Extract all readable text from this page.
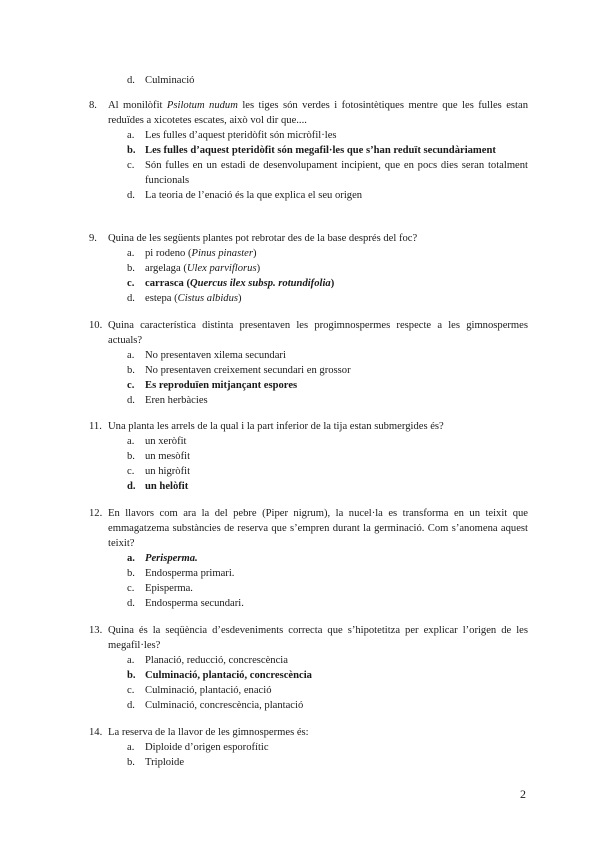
d. Culminació
8. Al monilòfit Psilotum nudum les tiges són verdes i fotosintètiques mentre que les fulles estan reduïdes a xicotetes escates, això vol dir que....
a. Les fulles d’aquest pteridòfit són micròfil·les
b. Les fulles d’aquest pteridòfit són megafil·les que s’han reduït secundàriament
c. Són fulles en un estadi de desenvolupament incipient, que en pocs dies seran totalment funcionals
d. La teoria de l’enació és la que explica el seu origen
9. Quina de les següents plantes pot rebrotar des de la base després del foc?
a. pi rodeno (Pinus pinaster)
b. argelaga (Ulex parviflorus)
c. carrasca (Quercus ilex subsp. rotundifolia)
d. estepa (Cistus albidus)
10. Quina característica distinta presentaven les progimnospermes respecte a les gimnospermes actuals?
a. No presentaven xilema secundari
b. No presentaven creixement secundari en grossor
c. Es reproduïen mitjançant espores
d. Eren herbàcies
11. Una planta les arrels de la qual i la part inferior de la tija estan submergides és?
a. un xeròfit
b. un mesòfit
c. un higròfit
d. un helòfit
12. En llavors com ara la del pebre (Piper nigrum), la nucel·la es transforma en un teixit que emmagatzema substàncies de reserva que s’empren durant la germinació. Com s’anomena aquest teixit?
a. Perisperma.
b. Endosperma primari.
c. Episperma.
d. Endosperma secundari.
13. Quina és la seqüència d’esdeveniments correcta que s’hipotetitza per explicar l’origen de les megafil·les?
a. Planació, reducció, concrescència
b. Culminació, plantació, concrescència
c. Culminació, plantació, enació
d. Culminació, concrescència, plantació
14. La reserva de la llavor de les gimnospermes és:
a. Diploide d’origen esporofític
b. Triploide
2
